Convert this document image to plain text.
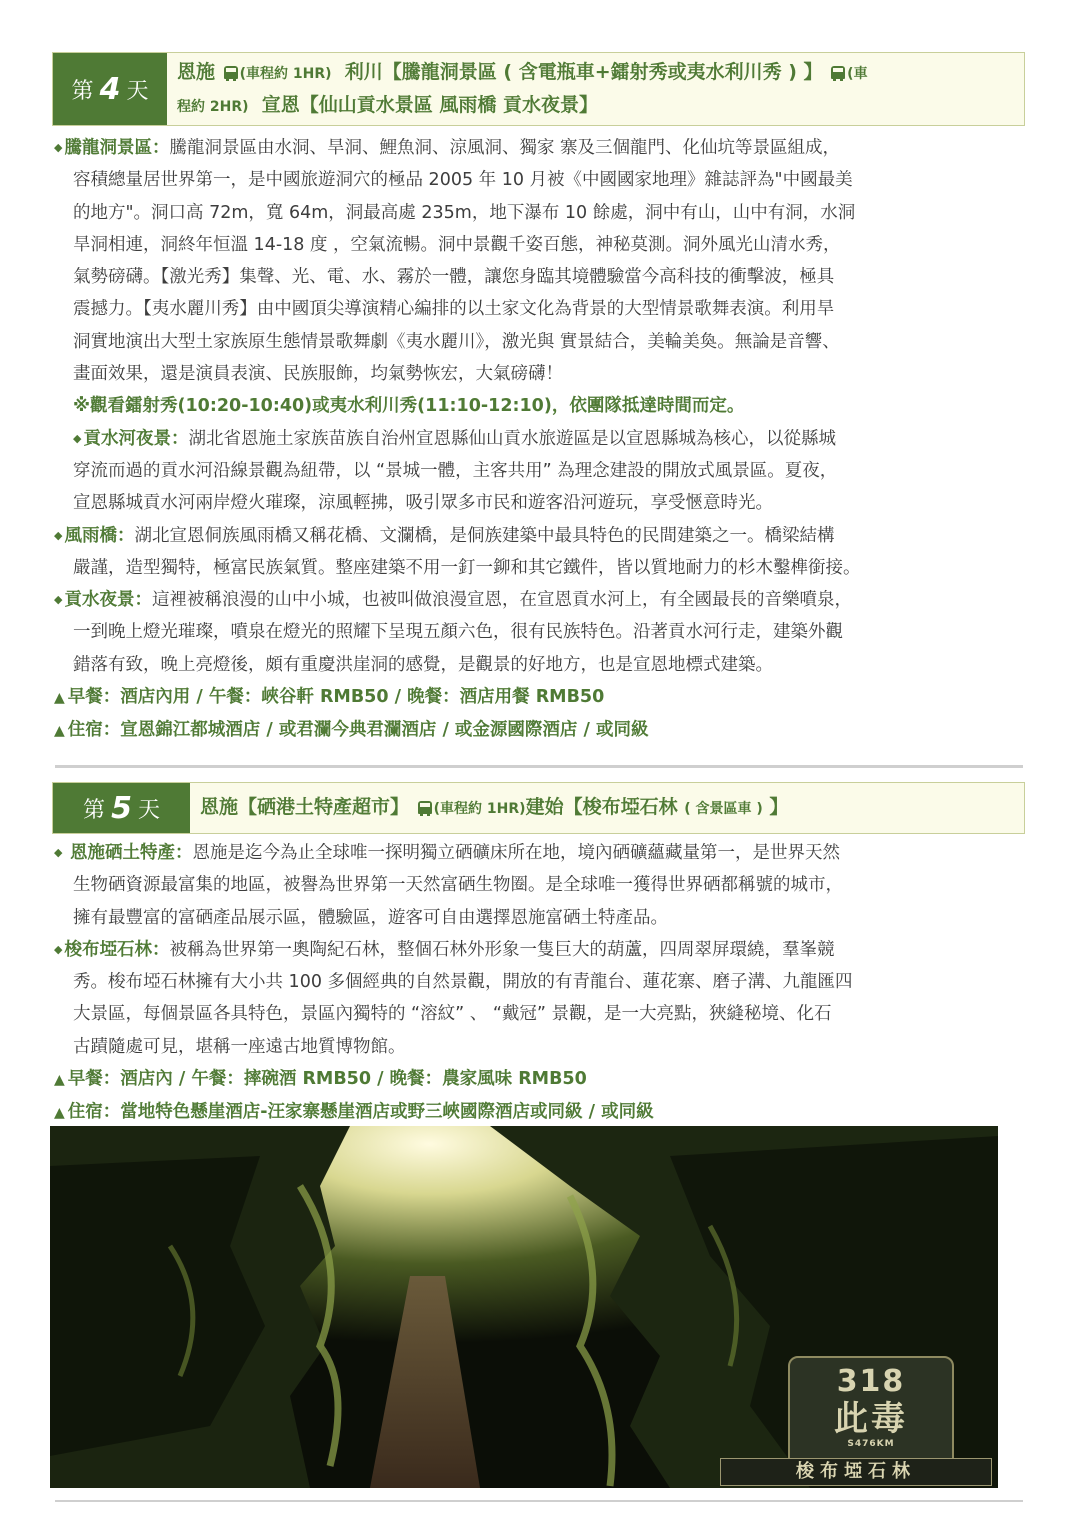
第 4 天
恩施 (車程約 1HR) 利川【騰龍洞景區 ( 含電瓶車+鐳射秀或夷水利川秀 ) 】 (車
程約 2HR) 宣恩【仙山貢水景區 風雨橋 貢水夜景】

◆ 騰龍洞景區：騰龍洞景區由水洞、旱洞、鯉魚洞、涼風洞、獨家 寨及三個龍門、化仙坑等景區組成，

容積總量居世界第一，是中國旅遊洞穴的極品 2005 年 10 月被《中國國家地理》雜誌評為"中國最美
的地方"。洞口高 72m，寬 64m，洞最高處 235m，地下瀑布 10 餘處，洞中有山，山中有洞，水洞
旱洞相連，洞終年恒溫 14-18 度 ，空氣流暢。洞中景觀千姿百態，神秘莫測。洞外風光山清水秀，
氣勢磅礴。【激光秀】集聲、光、電、水、霧於一體，讓您身臨其境體驗當今高科技的衝擊波，極具
震撼力。【夷水麗川秀】由中國頂尖導演精心編排的以土家文化為背景的大型情景歌舞表演。利用旱
洞實地演出大型土家族原生態情景歌舞劇《夷水麗川》，激光與 實景結合，美輪美奐。無論是音響、
畫面效果，還是演員表演、民族服飾，均氣勢恢宏，大氣磅礴！
※觀看鐳射秀(10:20-10:40)或夷水利川秀(11:10-12:10)，依團隊抵達時間而定。
◆ 貢水河夜景：湖北省恩施土家族苗族自治州宣恩縣仙山貢水旅遊區是以宣恩縣城為核心，以從縣城
穿流而過的貢水河沿線景觀為紐帶，以 “景城一體，主客共用” 為理念建設的開放式風景區。夏夜，
宣恩縣城貢水河兩岸燈火璀璨，涼風輕拂，吸引眾多市民和遊客沿河遊玩，享受愜意時光。

◆ 風雨橋：湖北宣恩侗族風雨橋又稱花橋、文瀾橋，是侗族建築中最具特色的民間建築之一。橋梁結構

嚴謹，造型獨特，極富民族氣質。整座建築不用一釘一鉚和其它鐵件，皆以質地耐力的杉木鑿榫銜接。

◆ 貢水夜景：這裡被稱浪漫的山中小城，也被叫做浪漫宣恩，在宣恩貢水河上，有全國最長的音樂噴泉，

一到晚上燈光璀璨，噴泉在燈光的照耀下呈現五顏六色，很有民族特色。沿著貢水河行走，建築外觀
錯落有致，晚上亮燈後，頗有重慶洪崖洞的感覺，是觀景的好地方，也是宣恩地標式建築。
▲ 早餐：酒店內用 / 午餐：峽谷軒 RMB50 / 晚餐：酒店用餐 RMB50
▲ 住宿：宣恩錦江都城酒店 / 或君瀾今典君瀾酒店 / 或金源國際酒店 / 或同級
第 5 天	恩施【硒港土特產超市】 (車程約 1HR)建始【梭布埡石林 ( 含景區車 ) 】

◆ 恩施硒土特產：恩施是迄今為止全球唯一探明獨立硒礦床所在地，境內硒礦蘊藏量第一，是世界天然

生物硒資源最富集的地區，被譽為世界第一天然富硒生物圈。是全球唯一獲得世界硒都稱號的城市，
擁有最豐富的富硒產品展示區，體驗區，遊客可自由選擇恩施富硒土特產品。

◆ 梭布埡石林：被稱為世界第一奧陶紀石林，整個石林外形象一隻巨大的葫蘆，四周翠屏環繞，羣峯競

秀。梭布埡石林擁有大小共 100 多個經典的自然景觀，開放的有青龍台、蓮花寨、磨子溝、九龍匯四
大景區，每個景區各具特色，景區內獨特的 “溶紋” 、 “戴冠” 景觀，是一大亮點，狹縫秘境、化石
古蹟隨處可見，堪稱一座遠古地質博物館。
▲ 早餐：酒店內 / 午餐：摔碗酒 RMB50 / 晚餐：農家風味 RMB50
▲ 住宿：當地特色懸崖酒店-汪家寨懸崖酒店或野三峽國際酒店或同級 / 或同級
318
此毒
S476KM
梭布埡石林
